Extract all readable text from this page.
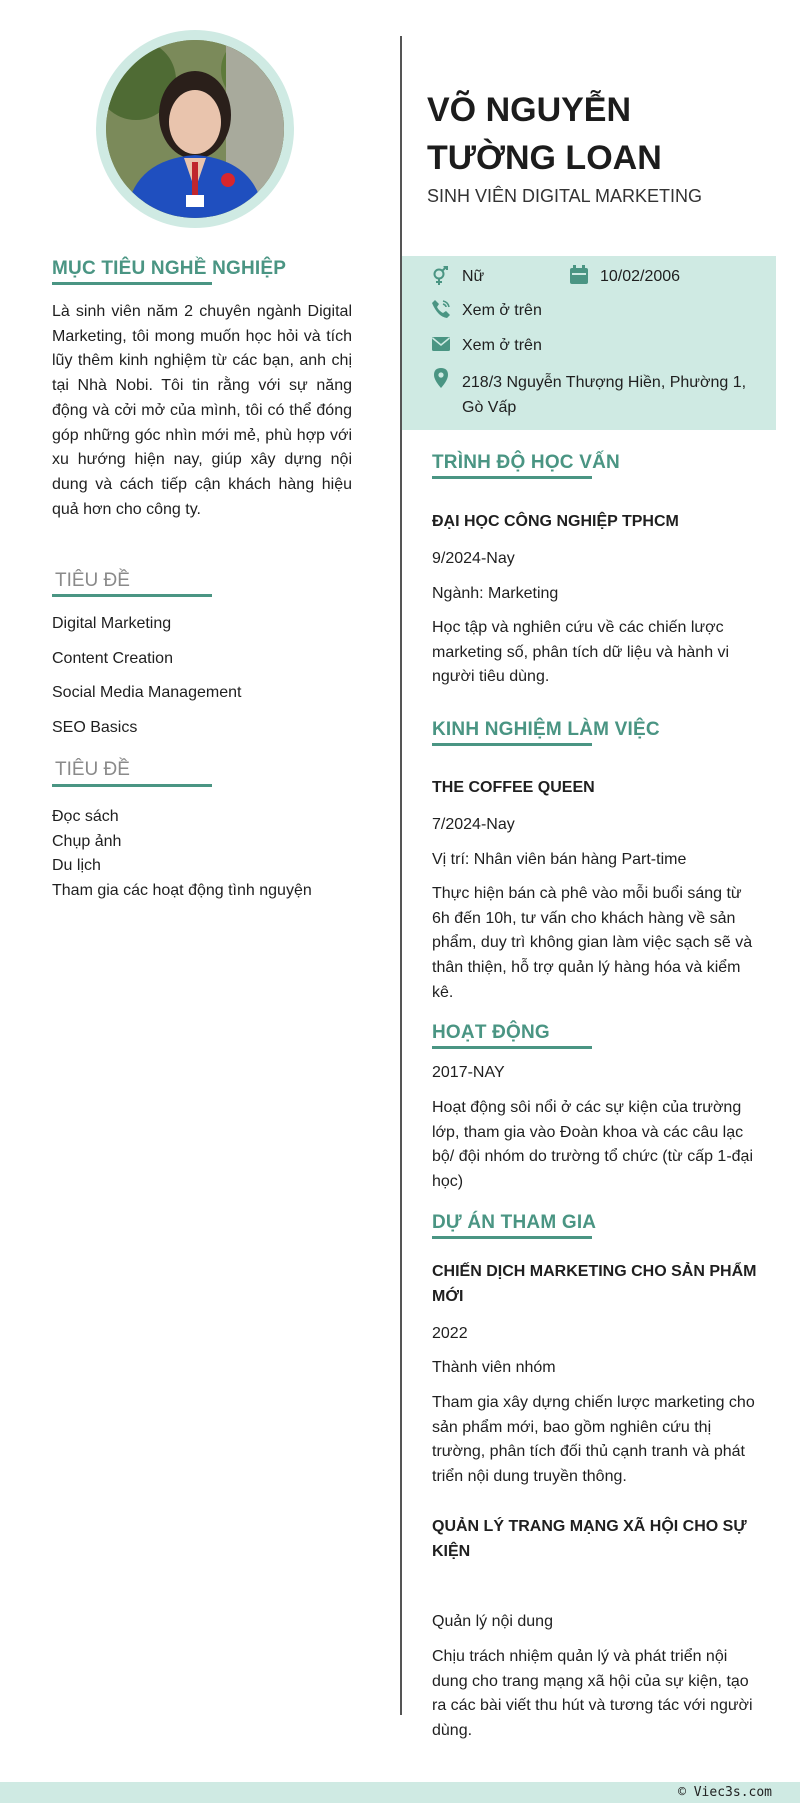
MỤC TIÊU NGHỀ NGHIỆP
Là sinh viên năm 2 chuyên ngành Digital Marketing, tôi mong muốn học hỏi và tích lũy thêm kinh nghiệm từ các bạn, anh chị tại Nhà Nobi. Tôi tin rằng với sự năng động và cởi mở của mình, tôi có thể đóng góp những góc nhìn mới mẻ, phù hợp với xu hướng hiện nay, giúp xây dựng nội dung và cách tiếp cận khách hàng hiệu quả hơn cho công ty.
TIÊU ĐỀ
Digital Marketing
Content Creation
Social Media Management
SEO Basics
TIÊU ĐỀ
Đọc sách
Chụp ảnh
Du lịch
Tham gia các hoạt động tình nguyện
VÕ NGUYỄN TƯỜNG LOAN
SINH VIÊN DIGITAL MARKETING
Nữ	10/02/2006
Xem ở trên
Xem ở trên
218/3 Nguyễn Thượng Hiền, Phường 1, Gò Vấp
TRÌNH ĐỘ HỌC VẤN
ĐẠI HỌC CÔNG NGHIỆP TPHCM
9/2024-Nay
Ngành: Marketing
Học tập và nghiên cứu về các chiến lược marketing số, phân tích dữ liệu và hành vi người tiêu dùng.
KINH NGHIỆM LÀM VIỆC
THE COFFEE QUEEN
7/2024-Nay
Vị trí: Nhân viên bán hàng Part-time
Thực hiện bán cà phê vào mỗi buổi sáng từ 6h đến 10h, tư vấn cho khách hàng về sản phẩm, duy trì không gian làm việc sạch sẽ và thân thiện, hỗ trợ quản lý hàng hóa và kiểm kê.
HOẠT ĐỘNG
2017-NAY
Hoạt động sôi nổi ở các sự kiện của trường lớp, tham gia vào Đoàn khoa và các câu lạc bộ/ đội nhóm do trường tổ chức (từ cấp 1-đại học)
DỰ ÁN THAM GIA
CHIẾN DỊCH MARKETING CHO SẢN PHẨM MỚI
2022
Thành viên nhóm
Tham gia xây dựng chiến lược marketing cho sản phẩm mới, bao gồm nghiên cứu thị trường, phân tích đối thủ cạnh tranh và phát triển nội dung truyền thông.
QUẢN LÝ TRANG MẠNG XÃ HỘI CHO SỰ KIỆN
Quản lý nội dung
Chịu trách nhiệm quản lý và phát triển nội dung cho trang mạng xã hội của sự kiện, tạo ra các bài viết thu hút và tương tác với người dùng.
© Viec3s.com
